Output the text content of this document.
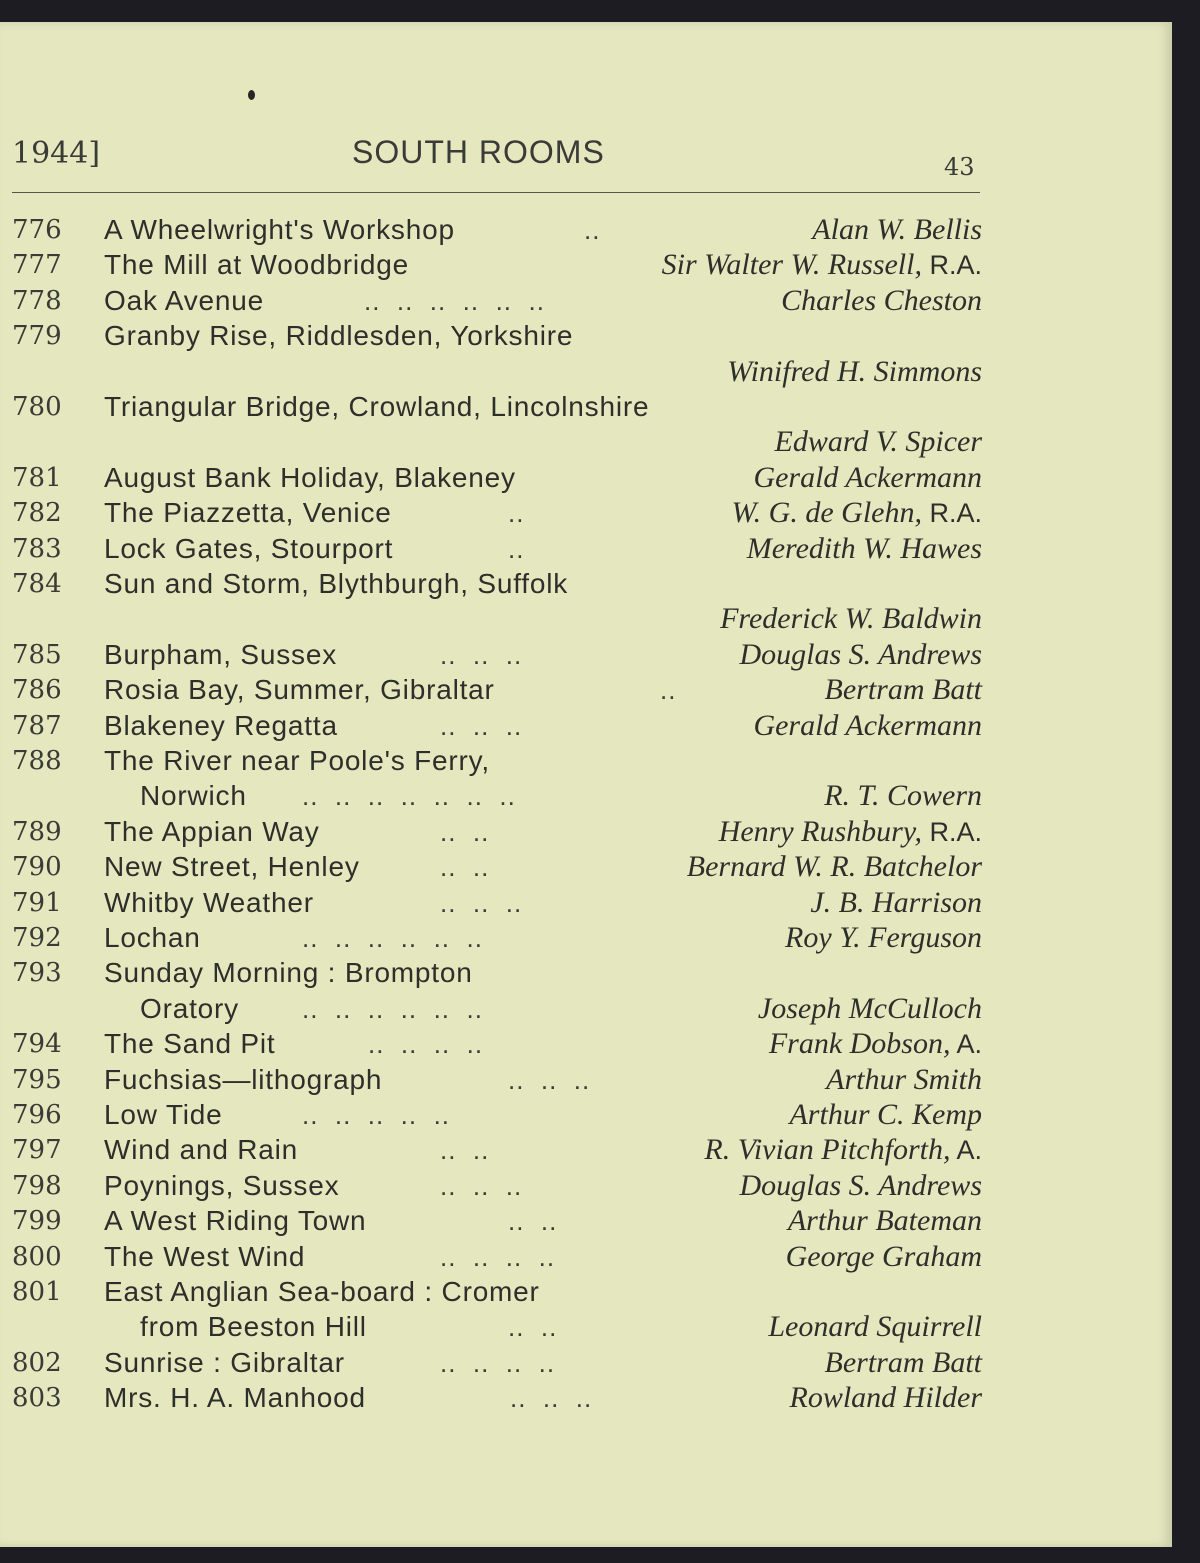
1944]	SOUTH ROOMS	43
776 A Wheelwright's Workshop	..	Alan W. Bellis
777 The Mill at Woodbridge	Sir Walter W. Russell, R.A.
778 Oak Avenue	..  ..  ..  ..  ..  ..	Charles Cheston
779 Granby Rise, Riddlesden, Yorkshire
Winifred H. Simmons
780 Triangular Bridge, Crowland, Lincolnshire
Edward V. Spicer
781 August Bank Holiday, Blakeney	Gerald Ackermann
782 The Piazzetta, Venice	..	W. G. de Glehn, R.A.
783 Lock Gates, Stourport	..	Meredith W. Hawes
784 Sun and Storm, Blythburgh, Suffolk
Frederick W. Baldwin
785 Burpham, Sussex	..  ..  ..	Douglas S. Andrews
786 Rosia Bay, Summer, Gibraltar	..	Bertram Batt
787 Blakeney Regatta	..  ..  ..	Gerald Ackermann
788 The River near Poole's Ferry,
Norwich ..  ..  ..  ..  ..  ..  ..	R. T. Cowern
789 The Appian Way	..  ..	Henry Rushbury, R.A.
790 New Street, Henley	..  ..	Bernard W. R. Batchelor
791 Whitby Weather	..  ..  ..	J. B. Harrison
792 Lochan	..  ..  ..  ..  ..  ..	Roy Y. Ferguson
793 Sunday Morning : Brompton
Oratory ..  ..  ..  ..  ..  ..	Joseph McCulloch
794 The Sand Pit	..  ..  ..  ..	Frank Dobson, A.
795 Fuchsias—lithograph	..  ..  ..	Arthur Smith
796 Low Tide	..  ..  ..  ..  ..	Arthur C. Kemp
797 Wind and Rain	..  ..	R. Vivian Pitchforth, A.
798 Poynings, Sussex	..  ..  ..	Douglas S. Andrews
799 A West Riding Town	..  ..	Arthur Bateman
800 The West Wind	..  ..  ..  ..	George Graham
801 East Anglian Sea-board : Cromer
from Beeston Hill	..  ..	Leonard Squirrell
802 Sunrise : Gibraltar	..  ..  ..  ..	Bertram Batt
803 Mrs. H. A. Manhood	..  ..  ..	Rowland Hilder
